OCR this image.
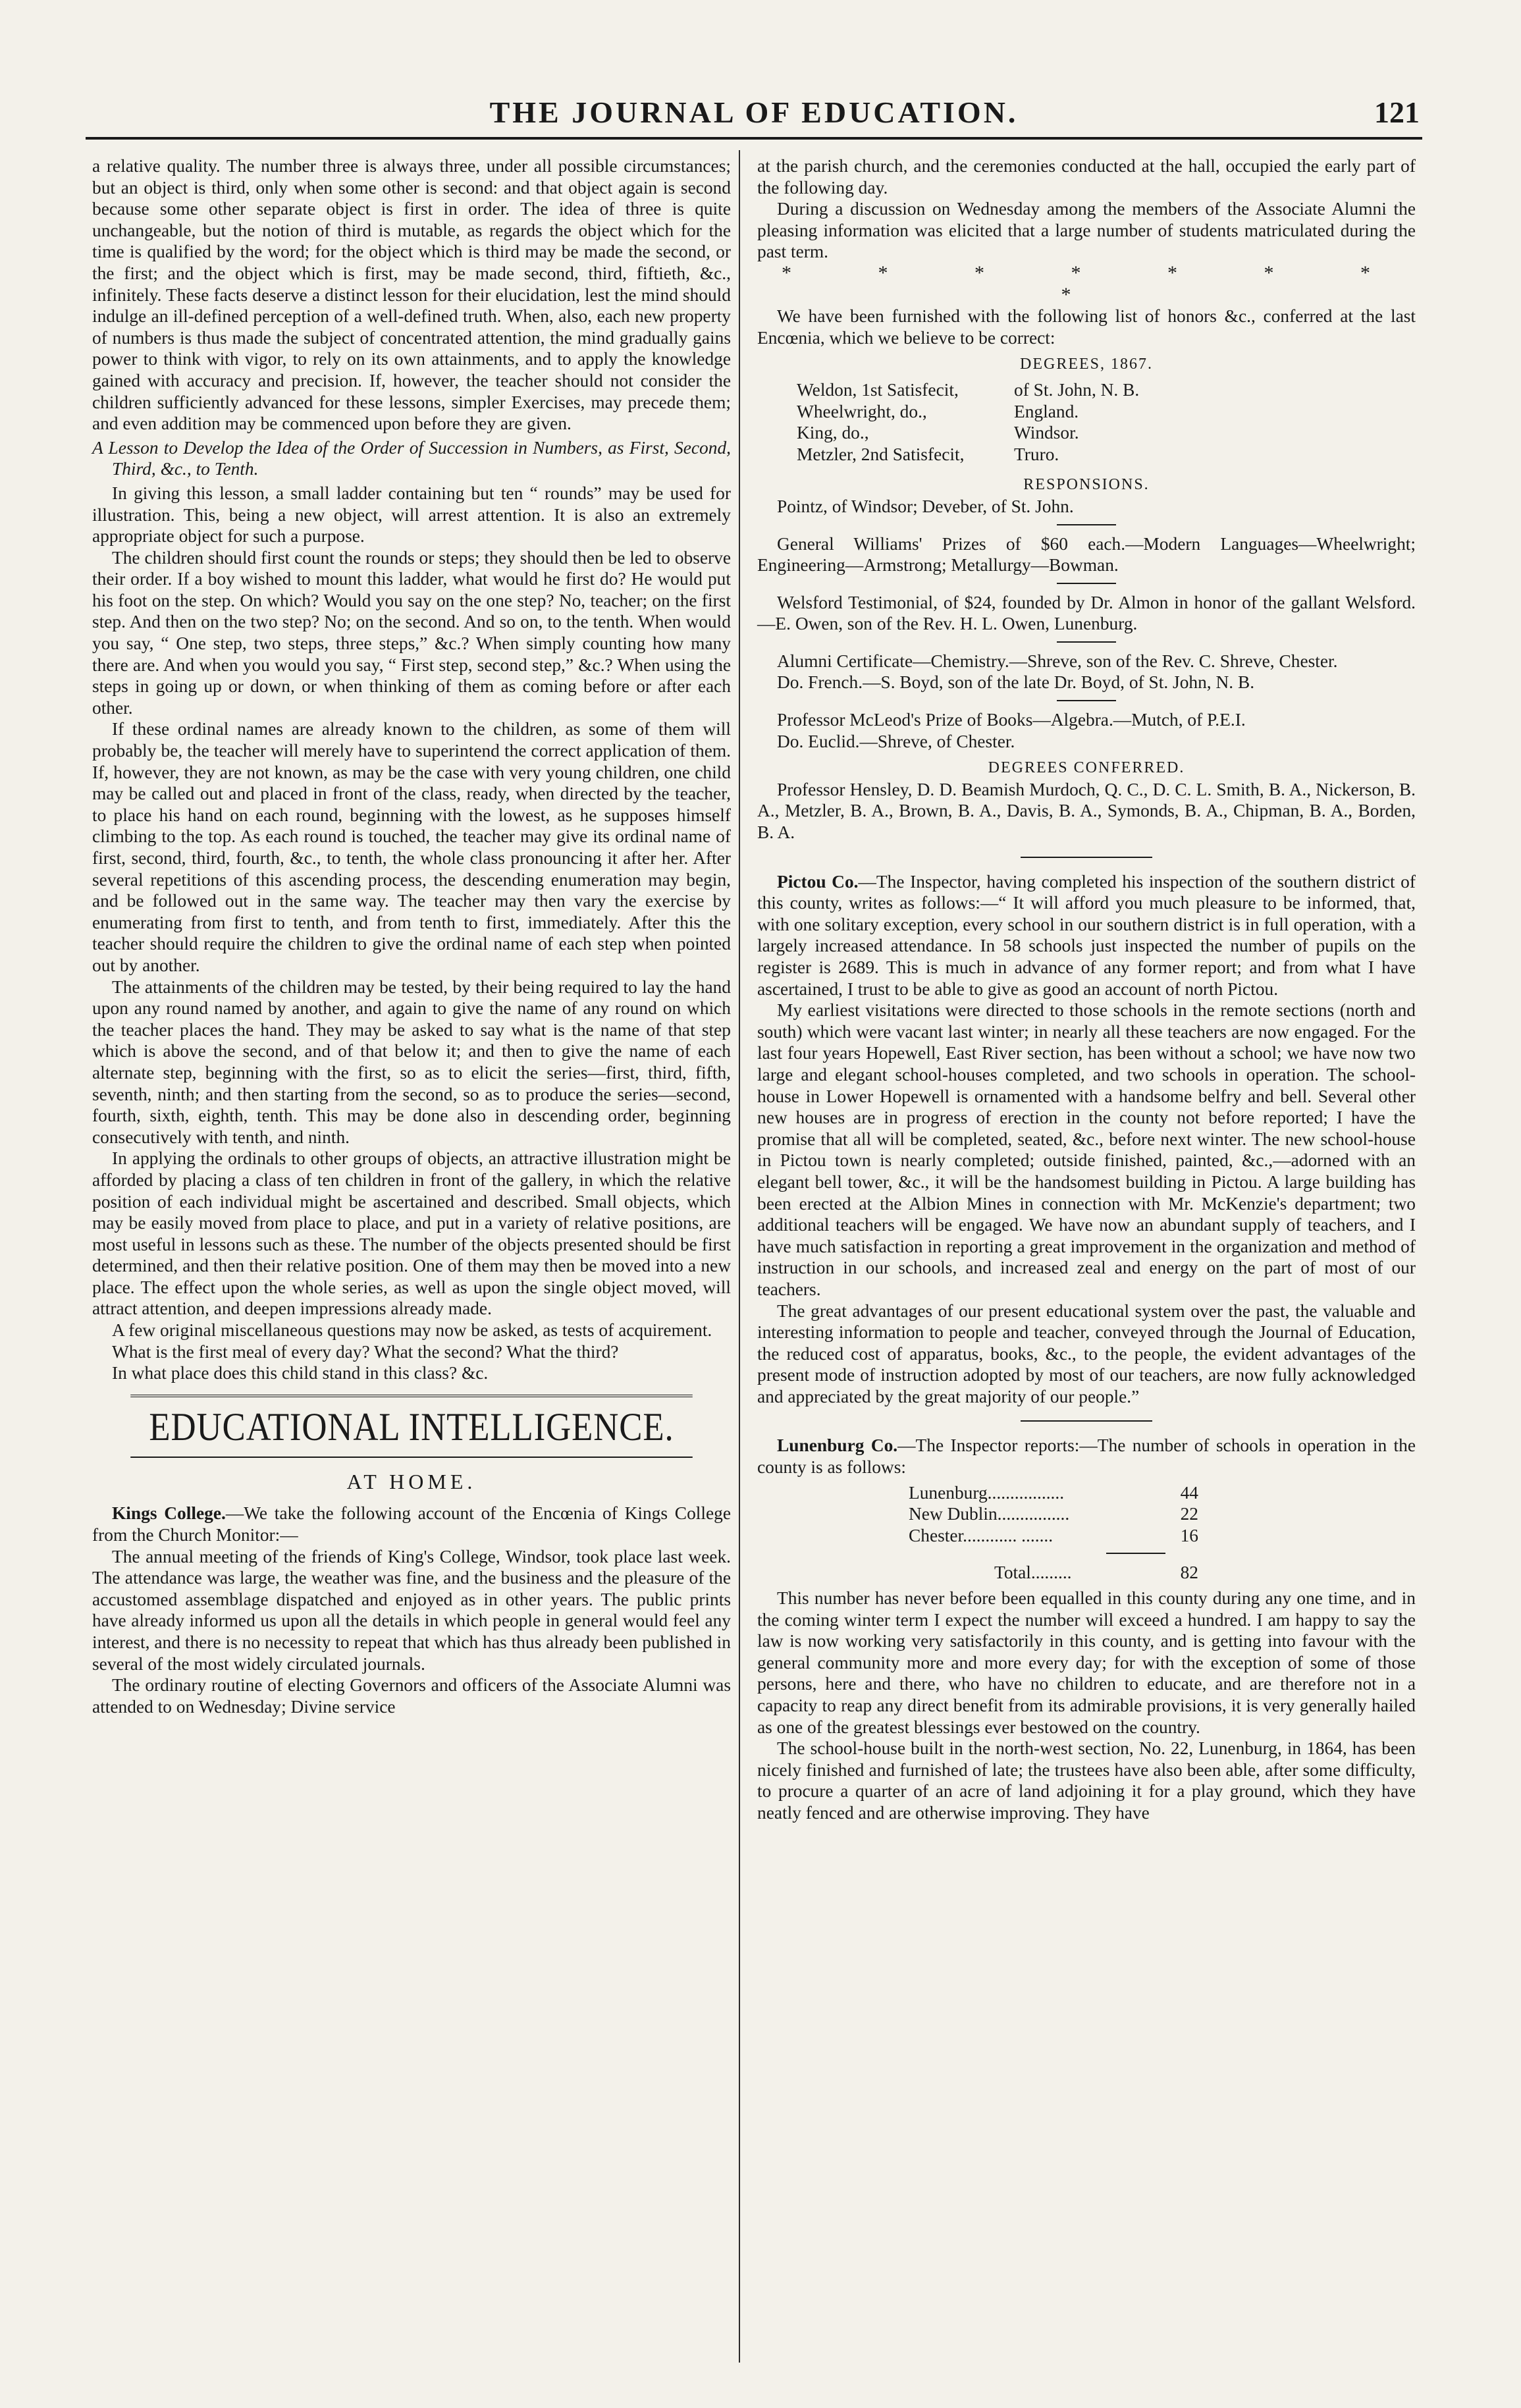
THE JOURNAL OF EDUCATION.	121

a relative quality. The number three is always three, under all possible circumstances; but an object is third, only when some other is second: and that object again is second because some other separate object is first in order. The idea of three is quite unchangeable, but the notion of third is mutable, as regards the object which for the time is qualified by the word; for the object which is third may be made the second, or the first; and the object which is first, may be made second, third, fiftieth, &c., infinitely. These facts deserve a distinct lesson for their elucidation, lest the mind should indulge an ill-defined perception of a well-defined truth. When, also, each new property of numbers is thus made the subject of concentrated attention, the mind gradually gains power to think with vigor, to rely on its own attainments, and to apply the knowledge gained with accuracy and precision. If, however, the teacher should not consider the children sufficiently advanced for these lessons, simpler Exercises, may precede them; and even addition may be commenced upon before they are given.

A Lesson to Develop the Idea of the Order of Succession in Numbers, as First, Second, Third, &c., to Tenth.

In giving this lesson, a small ladder containing but ten “ rounds” may be used for illustration. This, being a new object, will arrest attention. It is also an extremely appropriate object for such a purpose.

The children should first count the rounds or steps; they should then be led to observe their order. If a boy wished to mount this ladder, what would he first do? He would put his foot on the step. On which? Would you say on the one step? No, teacher; on the first step. And then on the two step? No; on the second. And so on, to the tenth. When would you say, “ One step, two steps, three steps,” &c.? When simply counting how many there are. And when you would you say, “ First step, second step,” &c.? When using the steps in going up or down, or when thinking of them as coming before or after each other.

If these ordinal names are already known to the children, as some of them will probably be, the teacher will merely have to superintend the correct application of them. If, however, they are not known, as may be the case with very young children, one child may be called out and placed in front of the class, ready, when directed by the teacher, to place his hand on each round, beginning with the lowest, as he supposes himself climbing to the top. As each round is touched, the teacher may give its ordinal name of first, second, third, fourth, &c., to tenth, the whole class pronouncing it after her. After several repetitions of this ascending process, the descending enumeration may begin, and be followed out in the same way. The teacher may then vary the exercise by enumerating from first to tenth, and from tenth to first, immediately. After this the teacher should require the children to give the ordinal name of each step when pointed out by another.

The attainments of the children may be tested, by their being required to lay the hand upon any round named by another, and again to give the name of any round on which the teacher places the hand. They may be asked to say what is the name of that step which is above the second, and of that below it; and then to give the name of each alternate step, beginning with the first, so as to elicit the series—first, third, fifth, seventh, ninth; and then starting from the second, so as to produce the series—second, fourth, sixth, eighth, tenth. This may be done also in descending order, beginning consecutively with tenth, and ninth.

In applying the ordinals to other groups of objects, an attractive illustration might be afforded by placing a class of ten children in front of the gallery, in which the relative position of each individual might be ascertained and described. Small objects, which may be easily moved from place to place, and put in a variety of relative positions, are most useful in lessons such as these. The number of the objects presented should be first determined, and then their relative position. One of them may then be moved into a new place. The effect upon the whole series, as well as upon the single object moved, will attract attention, and deepen impressions already made.

A few original miscellaneous questions may now be asked, as tests of acquirement.

What is the first meal of every day? What the second? What the third?

In what place does this child stand in this class? &c.

EDUCATIONAL INTELLIGENCE.
AT HOME.

Kings College.—We take the following account of the Encœnia of Kings College from the Church Monitor:—

The annual meeting of the friends of King's College, Windsor, took place last week. The attendance was large, the weather was fine, and the business and the pleasure of the accustomed assemblage dispatched and enjoyed as in other years. The public prints have already informed us upon all the details in which people in general would feel any interest, and there is no necessity to repeat that which has thus already been published in several of the most widely circulated journals.

The ordinary routine of electing Governors and officers of the Associate Alumni was attended to on Wednesday; Divine service

at the parish church, and the ceremonies conducted at the hall, occupied the early part of the following day.

During a discussion on Wednesday among the members of the Associate Alumni the pleasing information was elicited that a large number of students matriculated during the past term.

* * * * * * * *

We have been furnished with the following list of honors &c., conferred at the last Encœnia, which we believe to be correct:

DEGREES, 1867.

Weldon, 1st Satisfecit,	of St. John, N. B.
Wheelwright, do.,	England.
King, do.,	Windsor.
Metzler, 2nd Satisfecit,	Truro.

RESPONSIONS.

Pointz, of Windsor; Deveber, of St. John.

General Williams' Prizes of $60 each.—Modern Languages—Wheelwright; Engineering—Armstrong; Metallurgy—Bowman.

Welsford Testimonial, of $24, founded by Dr. Almon in honor of the gallant Welsford.—E. Owen, son of the Rev. H. L. Owen, Lunenburg.

Alumni Certificate—Chemistry.—Shreve, son of the Rev. C. Shreve, Chester.

Do. French.—S. Boyd, son of the late Dr. Boyd, of St. John, N. B.

Professor McLeod's Prize of Books—Algebra.—Mutch, of P.E.I.

Do. Euclid.—Shreve, of Chester.

DEGREES CONFERRED.

Professor Hensley, D. D. Beamish Murdoch, Q. C., D. C. L. Smith, B. A., Nickerson, B. A., Metzler, B. A., Brown, B. A., Davis, B. A., Symonds, B. A., Chipman, B. A., Borden, B. A.

Pictou Co.—The Inspector, having completed his inspection of the southern district of this county, writes as follows:—“ It will afford you much pleasure to be informed, that, with one solitary exception, every school in our southern district is in full operation, with a largely increased attendance. In 58 schools just inspected the number of pupils on the register is 2689. This is much in advance of any former report; and from what I have ascertained, I trust to be able to give as good an account of north Pictou.

My earliest visitations were directed to those schools in the remote sections (north and south) which were vacant last winter; in nearly all these teachers are now engaged. For the last four years Hopewell, East River section, has been without a school; we have now two large and elegant school-houses completed, and two schools in operation. The school-house in Lower Hopewell is ornamented with a handsome belfry and bell. Several other new houses are in progress of erection in the county not before reported; I have the promise that all will be completed, seated, &c., before next winter. The new school-house in Pictou town is nearly completed; outside finished, painted, &c.,—adorned with an elegant bell tower, &c., it will be the handsomest building in Pictou. A large building has been erected at the Albion Mines in connection with Mr. McKenzie's department; two additional teachers will be engaged. We have now an abundant supply of teachers, and I have much satisfaction in reporting a great improvement in the organization and method of instruction in our schools, and increased zeal and energy on the part of most of our teachers.

The great advantages of our present educational system over the past, the valuable and interesting information to people and teacher, conveyed through the Journal of Education, the reduced cost of apparatus, books, &c., to the people, the evident advantages of the present mode of instruction adopted by most of our teachers, are now fully acknowledged and appreciated by the great majority of our people.”

Lunenburg Co.—The Inspector reports:—The number of schools in operation in the county is as follows:

Lunenburg.................	44
New Dublin................	22
Chester............ .......	16
Total.........	82

This number has never before been equalled in this county during any one time, and in the coming winter term I expect the number will exceed a hundred. I am happy to say the law is now working very satisfactorily in this county, and is getting into favour with the general community more and more every day; for with the exception of some of those persons, here and there, who have no children to educate, and are therefore not in a capacity to reap any direct benefit from its admirable provisions, it is very generally hailed as one of the greatest blessings ever bestowed on the country.

The school-house built in the north-west section, No. 22, Lunenburg, in 1864, has been nicely finished and furnished of late; the trustees have also been able, after some difficulty, to procure a quarter of an acre of land adjoining it for a play ground, which they have neatly fenced and are otherwise improving. They have
